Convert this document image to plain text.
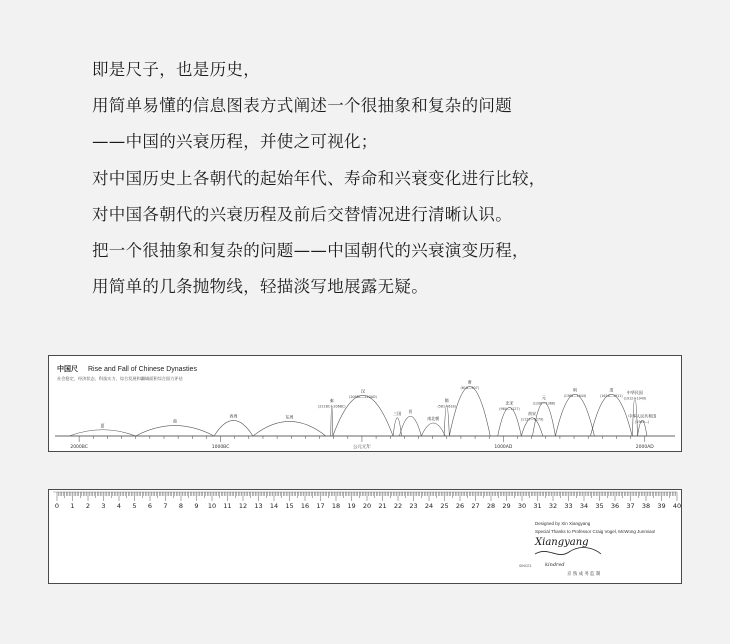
即是尺子，也是历史，

用简单易懂的信息图表方式阐述一个很抽象和复杂的问题

——中国的兴衰历程，并使之可视化；

对中国历史上各朝代的起始年代、寿命和兴衰变化进行比较，

对中国各朝代的兴衰历程及前后交替情况进行清晰认识。

把一个很抽象和复杂的问题——中国朝代的兴衰演变历程，

用简单的几条抛物线，轻描淡写地展露无疑。

2000BC	1000BC	公元元年	1000AD	2000AD
夏
商
西周	东周
秦
(221BC—206BC)
汉
(206BC—220AD)
三国 晋
南北朝
隋
(581—618)
唐
(618—907)
北宋
(960—1127)
南宋
(1127—1279)
元
(1206—1368)
明
(1368—1644)
清
(1616—1911)
中华民国
(1912—1949)
中华人民共和国
(1949—)
中国尺 Rise and Fall of Chinese Dynasties
社会稳定、经济状态、科技实力、综合发展和疆域面积综合国力评估
0 1 2 3 4 5 6 7 8 9 10 11 12 13 14 15 16 17 18 19 20 21 22 23 24 25 26 27 28 29 30 31 32 33 34 35 36 37 38 39 40
Designed by Xin Xiangyang
Special Thanks to Professor Craig Vogel, McWong Junmiao!
Xiangyang
SINCE1	kindred
京 熟 成 务 监 制
